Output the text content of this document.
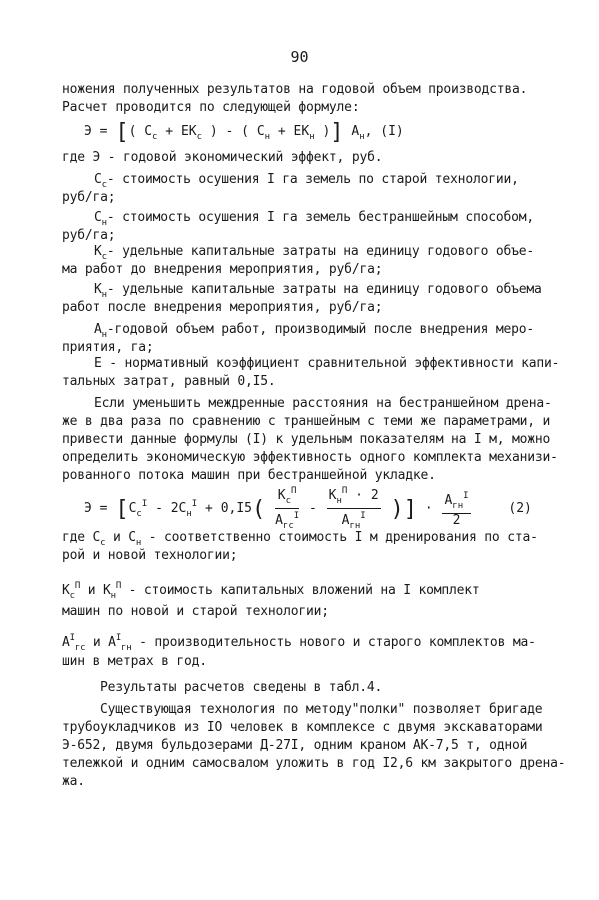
90
ножения полученных результатов на годовой объем производства.
Расчет проводится по следующей формуле:
Э = [( $С_с + ЕК_с$ ) - ( $С_н + ЕК_н$ )] $А_н$, (I)
где Э - годовой экономический эффект, руб.
$С_с-$ стоимость осушения I га земель по старой технологии,
руб/га;
$С_н-$ стоимость осушения I га земель бестраншейным способом,
руб/га;
$К_с-$ удельные капитальные затраты на единицу годового объе-
ма работ до внедрения мероприятия, руб/га;
$К_н-$ удельные капитальные затраты на единицу годового объема
работ после внедрения мероприятия, руб/га;
$А_н$-годовой объем работ, производимый после внедрения меро-
приятия, га;
Е - нормативный коэффициент сравнительной эффективности капи-
тальных затрат, равный 0,I5.
Если уменьшить междренные расстояния на бестраншейном дрена-
же в два раза по сравнению с траншейным с теми же параметрами, и
привести данные формулы (I) к удельным показателям на I м, можно
определить экономическую эффективность одного комплекта механизи-
рованного потока машин при бестраншейной укладке.
$Э = [С_с^I - 2С_н^I + 0,I5( \frac{К_с^П}{А_{гс}^I} - \frac{К_н^П \cdot 2}{А_{гн}^I}$ )] · $\frac{А_{гн}^I}{2}$	(2)
где $С_с$ и $С_н$ - соответственно стоимость I м дренирования по ста-
рой и новой технологии;
$К_с^П$ и $К_н^П$ - стоимость капитальных вложений на I комплект
машин по новой и старой технологии;
$А^I_{гс}$ и $А^I_{гн}$ - производительность нового и старого комплектов ма-
шин в метрах в год.
Результаты расчетов сведены в табл.4.
Существующая технология по методу"полки" позволяет бригаде
трубоукладчиков из IO человек в комплексе с двумя экскаваторами
Э-652, двумя бульдозерами Д-27I, одним краном АК-7,5 т, одной
тележкой и одним самосвалом уложить в год I2,6 км закрытого дрена-
жа.
